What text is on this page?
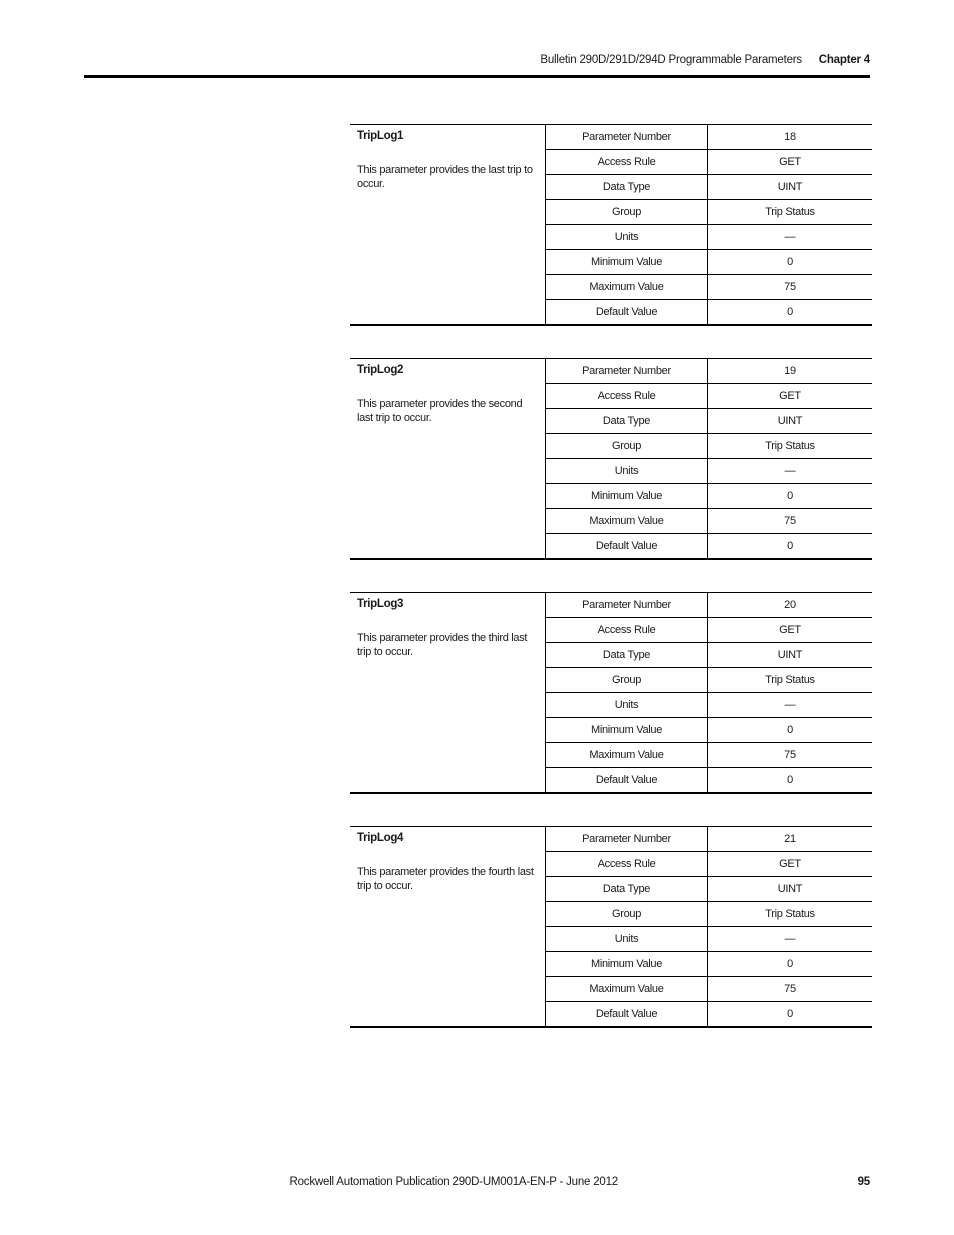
Bulletin 290D/291D/294D Programmable Parameters Chapter 4
TripLog1
This parameter provides the last trip to occur.
Parameter Number	18
Access Rule	GET
Data Type	UINT
Group	Trip Status
Units	—
Minimum Value	0
Maximum Value	75
Default Value	0
TripLog2
This parameter provides the second last trip to occur.
Parameter Number	19
Access Rule	GET
Data Type	UINT
Group	Trip Status
Units	—
Minimum Value	0
Maximum Value	75
Default Value	0
TripLog3
This parameter provides the third last trip to occur.
Parameter Number	20
Access Rule	GET
Data Type	UINT
Group	Trip Status
Units	—
Minimum Value	0
Maximum Value	75
Default Value	0
TripLog4
This parameter provides the fourth last trip to occur.
Parameter Number	21
Access Rule	GET
Data Type	UINT
Group	Trip Status
Units	—
Minimum Value	0
Maximum Value	75
Default Value	0
Rockwell Automation Publication 290D-UM001A-EN-P - June 2012	95
